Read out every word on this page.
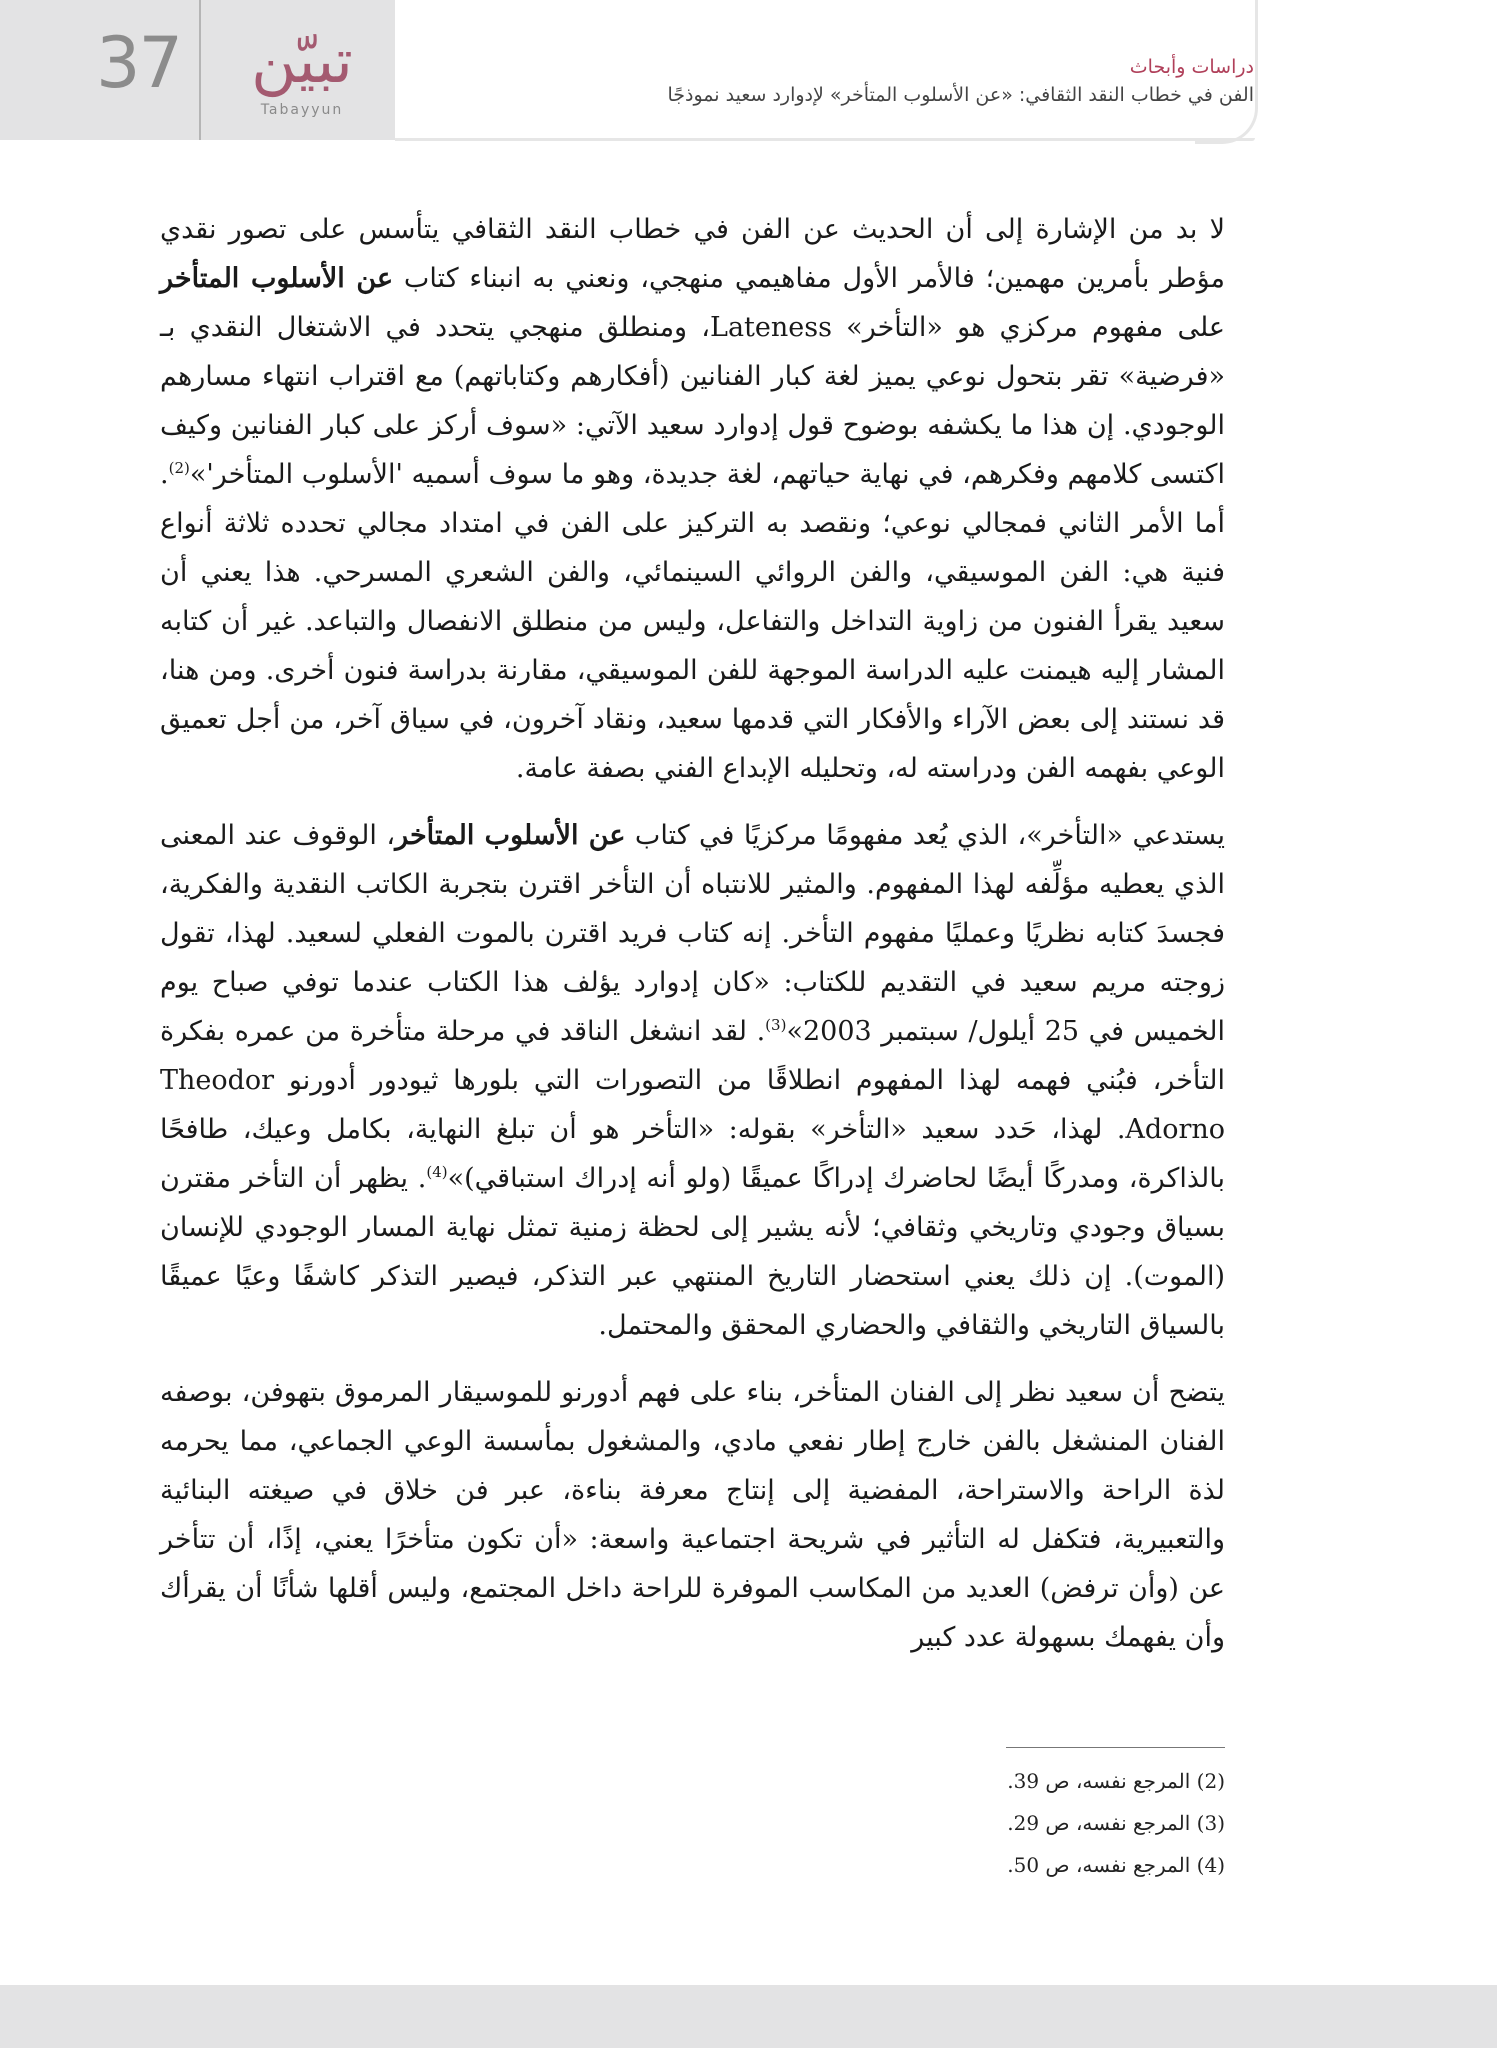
37	تبيّن
Tabayyun
دراسات وأبحاث
الفن في خطاب النقد الثقافي: «عن الأسلوب المتأخر» لإدوارد سعيد نموذجًا

لا بد من الإشارة إلى أن الحديث عن الفن في خطاب النقد الثقافي يتأسس على تصور نقدي مؤطر بأمرين مهمين؛ فالأمر الأول مفاهيمي منهجي، ونعني به انبناء كتاب عن الأسلوب المتأخر على مفهوم مركزي هو «التأخر» Lateness، ومنطلق منهجي يتحدد في الاشتغال النقدي بـ «فرضية» تقر بتحول نوعي يميز لغة كبار الفنانين (أفكارهم وكتاباتهم) مع اقتراب انتهاء مسارهم الوجودي. إن هذا ما يكشفه بوضوح قول إدوارد سعيد الآتي: «سوف أركز على كبار الفنانين وكيف اكتسى كلامهم وفكرهم، في نهاية حياتهم، لغة جديدة، وهو ما سوف أسميه 'الأسلوب المتأخر'»$^{(2)}$. أما الأمر الثاني فمجالي نوعي؛ ونقصد به التركيز على الفن في امتداد مجالي تحدده ثلاثة أنواع فنية هي: الفن الموسيقي، والفن الروائي السينمائي، والفن الشعري المسرحي. هذا يعني أن سعيد يقرأ الفنون من زاوية التداخل والتفاعل، وليس من منطلق الانفصال والتباعد. غير أن كتابه المشار إليه هيمنت عليه الدراسة الموجهة للفن الموسيقي، مقارنة بدراسة فنون أخرى. ومن هنا، قد نستند إلى بعض الآراء والأفكار التي قدمها سعيد، ونقاد آخرون، في سياق آخر، من أجل تعميق الوعي بفهمه الفن ودراسته له، وتحليله الإبداع الفني بصفة عامة.

يستدعي «التأخر»، الذي يُعد مفهومًا مركزيًا في كتاب عن الأسلوب المتأخر، الوقوف عند المعنى الذي يعطيه مؤلِّفه لهذا المفهوم. والمثير للانتباه أن التأخر اقترن بتجربة الكاتب النقدية والفكرية، فجسدَ كتابه نظريًا وعمليًا مفهوم التأخر. إنه كتاب فريد اقترن بالموت الفعلي لسعيد. لهذا، تقول زوجته مريم سعيد في التقديم للكتاب: «كان إدوارد يؤلف هذا الكتاب عندما توفي صباح يوم الخميس في 25 أيلول/ سبتمبر 2003»$^{(3)}$. لقد انشغل الناقد في مرحلة متأخرة من عمره بفكرة التأخر، فبُني فهمه لهذا المفهوم انطلاقًا من التصورات التي بلورها ثيودور أدورنو Theodor Adorno. لهذا، حَدد سعيد «التأخر» بقوله: «التأخر هو أن تبلغ النهاية، بكامل وعيك، طافحًا بالذاكرة، ومدركًا أيضًا لحاضرك إدراكًا عميقًا (ولو أنه إدراك استباقي)»$^{(4)}$. يظهر أن التأخر مقترن بسياق وجودي وتاريخي وثقافي؛ لأنه يشير إلى لحظة زمنية تمثل نهاية المسار الوجودي للإنسان (الموت). إن ذلك يعني استحضار التاريخ المنتهي عبر التذكر، فيصير التذكر كاشفًا وعيًا عميقًا بالسياق التاريخي والثقافي والحضاري المحقق والمحتمل.

يتضح أن سعيد نظر إلى الفنان المتأخر، بناء على فهم أدورنو للموسيقار المرموق بتهوفن، بوصفه الفنان المنشغل بالفن خارج إطار نفعي مادي، والمشغول بمأسسة الوعي الجماعي، مما يحرمه لذة الراحة والاستراحة، المفضية إلى إنتاج معرفة بناءة، عبر فن خلاق في صيغته البنائية والتعبيرية، فتكفل له التأثير في شريحة اجتماعية واسعة: «أن تكون متأخرًا يعني، إذًا، أن تتأخر عن (وأن ترفض) العديد من المكاسب الموفرة للراحة داخل المجتمع، وليس أقلها شأنًا أن يقرأك وأن يفهمك بسهولة عدد كبير

(2) المرجع نفسه، ص 39.
(3) المرجع نفسه، ص 29.
(4) المرجع نفسه، ص 50.
